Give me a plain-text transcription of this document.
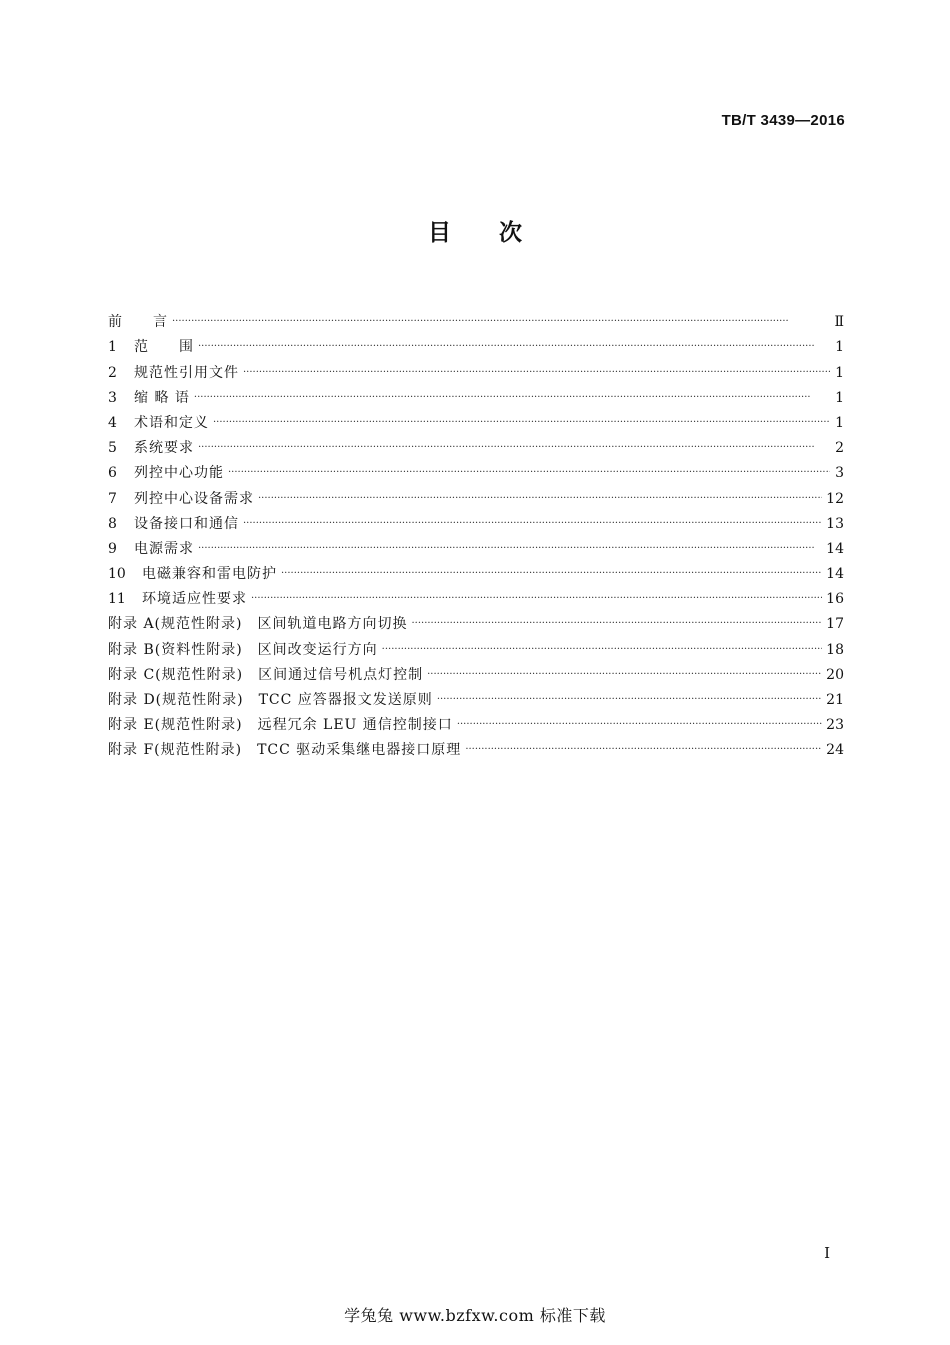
TB/T 3439—2016
目 次
前　　言 ·····	Ⅱ
1	范　　围 ·····	1
2	规范性引用文件 ·····	1
3	缩 略 语 ·····	1
4	术语和定义 ·····	1
5	系统要求 ·····	2
6	列控中心功能 ·····	3
7	列控中心设备需求 ·····	12
8	设备接口和通信 ·····	13
9	电源需求 ·····	14
10	电磁兼容和雷电防护 ·····	14
11	环境适应性要求 ·····	16
附录 A(规范性附录)　区间轨道电路方向切换 ·····	17
附录 B(资料性附录)　区间改变运行方向 ·····	18
附录 C(规范性附录)　区间通过信号机点灯控制 ·····	20
附录 D(规范性附录)　TCC 应答器报文发送原则 ·····	21
附录 E(规范性附录)　远程冗余 LEU 通信控制接口 ·····	23
附录 F(规范性附录)　TCC 驱动采集继电器接口原理 ·····	24
I
学兔兔 www.bzfxw.com 标准下载
